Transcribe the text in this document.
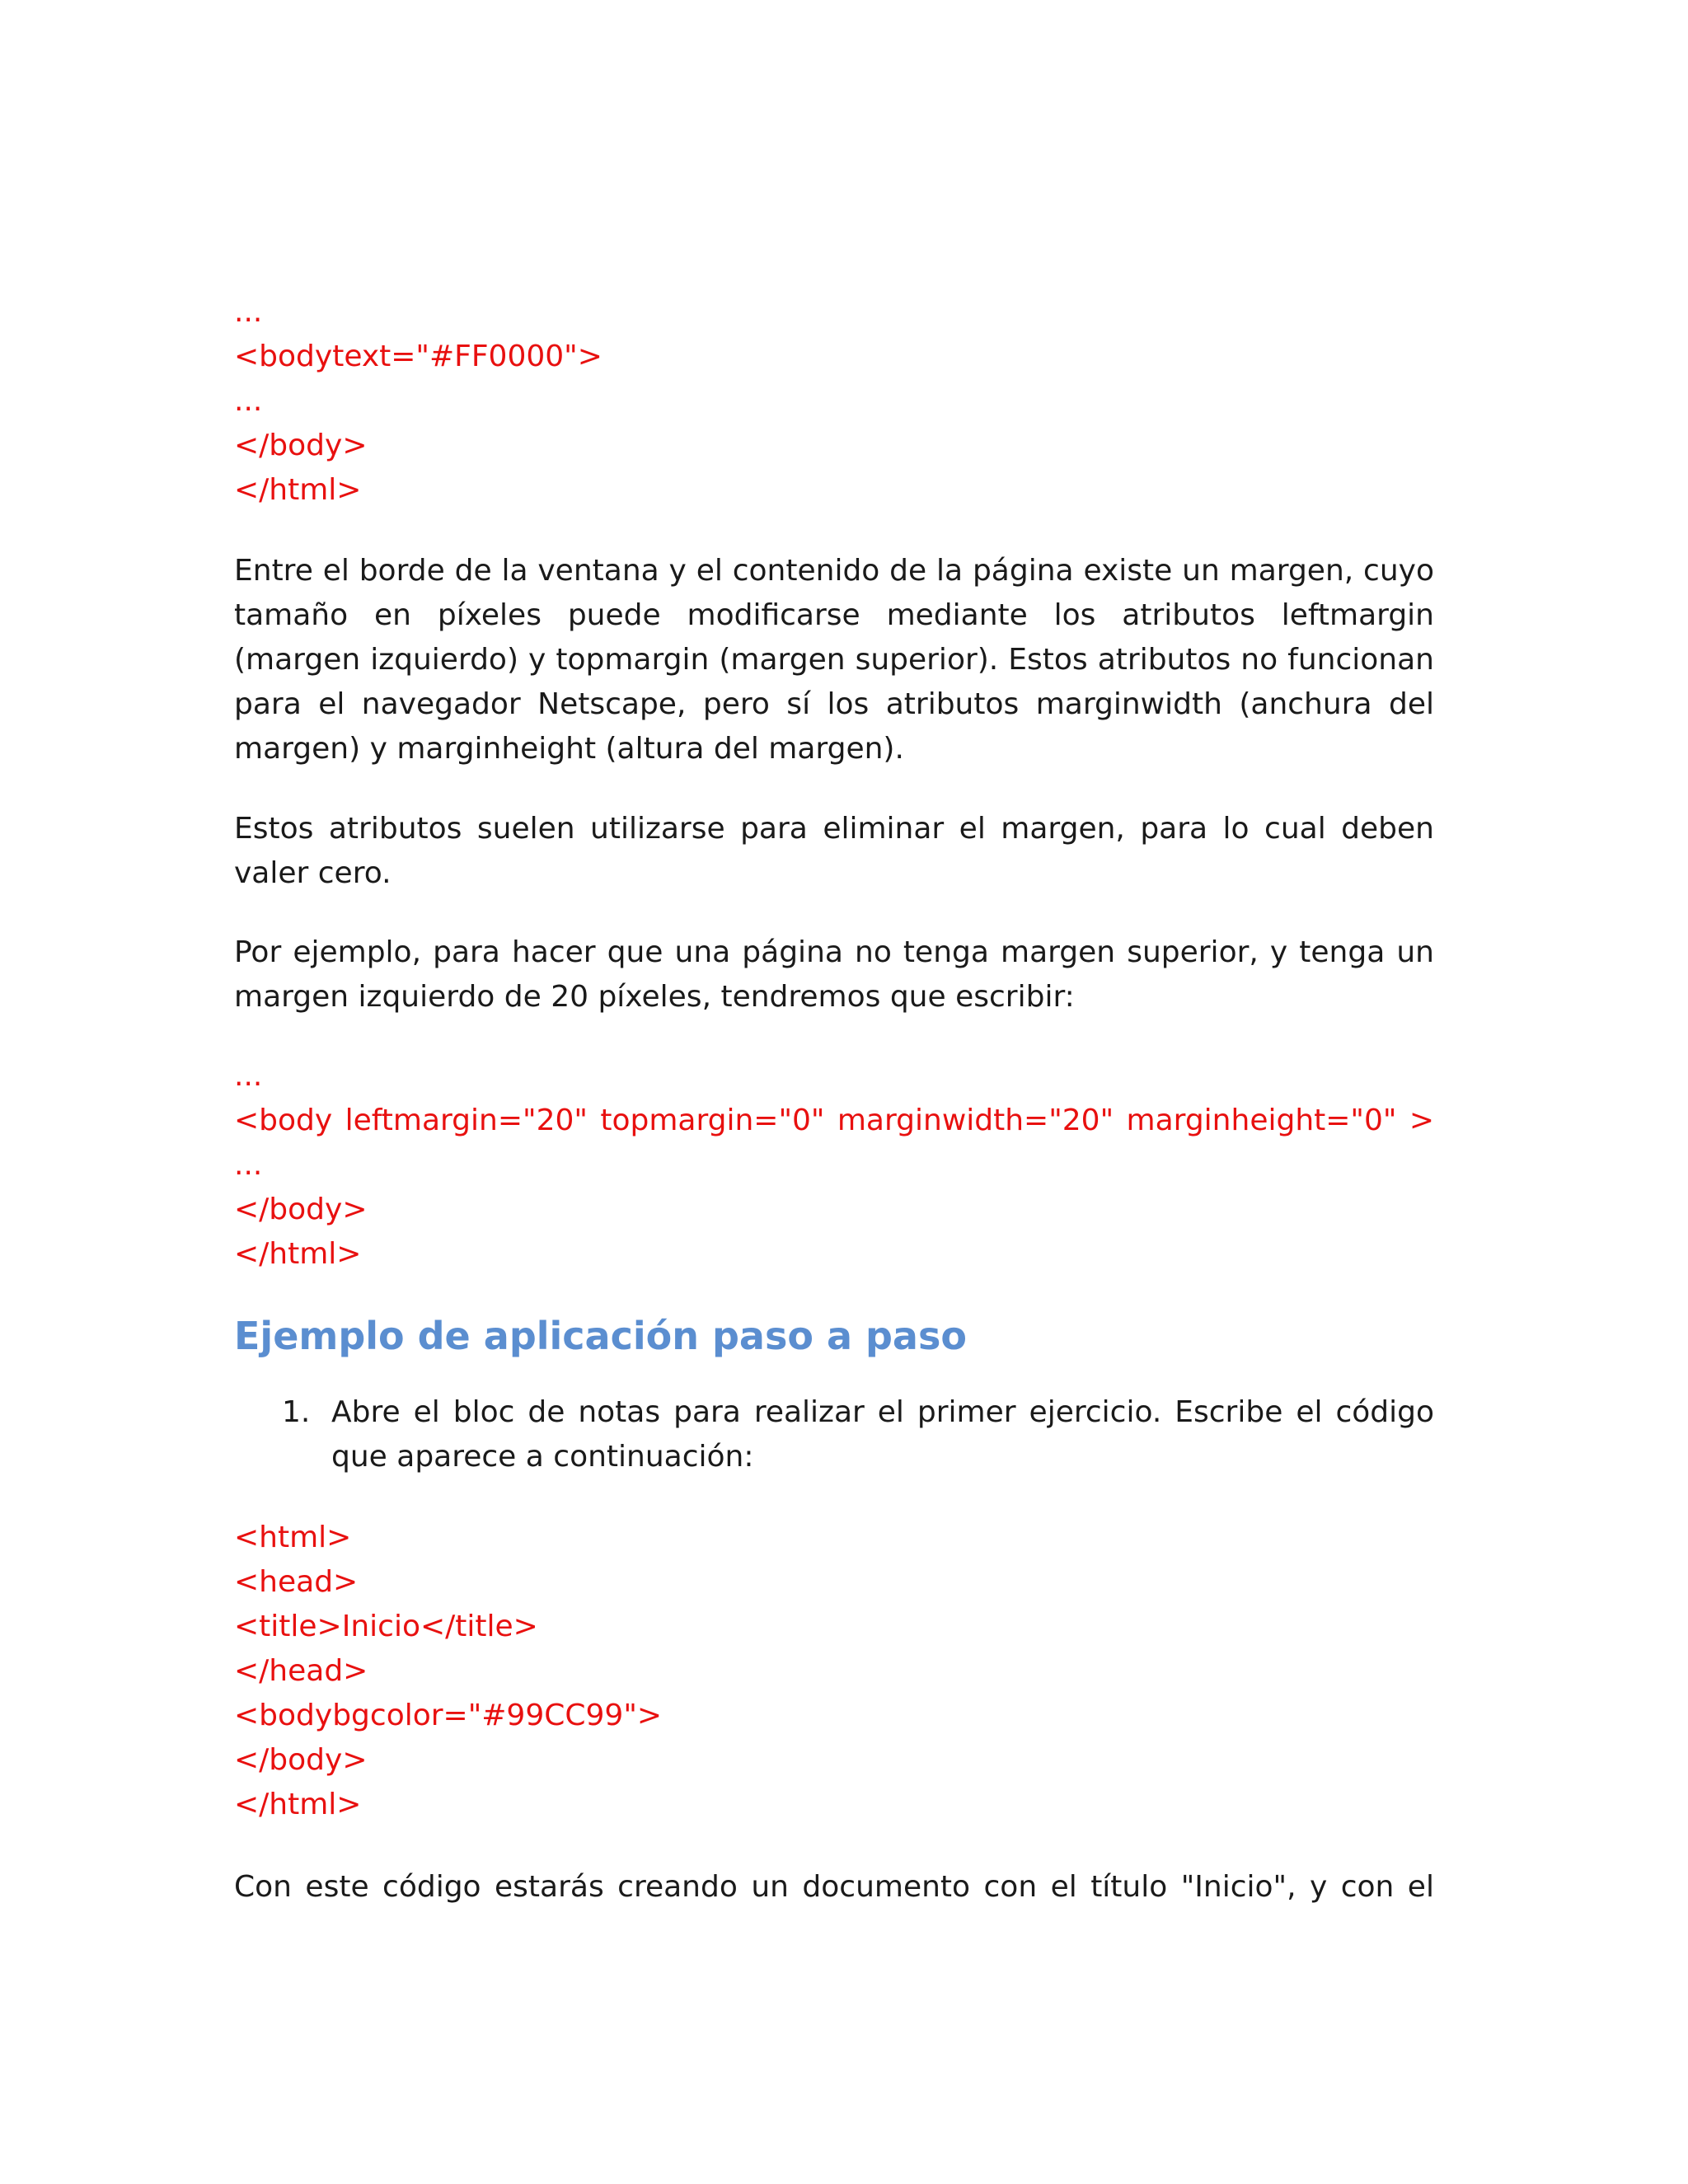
...
<bodytext="#FF0000">
...
</body>
</html>

Entre el borde de la ventana y el contenido de la página existe un margen, cuyo tamaño en píxeles puede modificarse mediante los atributos leftmargin (margen izquierdo) y topmargin (margen superior). Estos atributos no funcionan para el navegador Netscape, pero sí los atributos marginwidth (anchura del margen) y marginheight (altura del margen).

Estos atributos suelen utilizarse para eliminar el margen, para lo cual deben valer cero.

Por ejemplo, para hacer que una página no tenga margen superior, y tenga un margen izquierdo de 20 píxeles, tendremos que escribir:

...
<body leftmargin="20" topmargin="0" marginwidth="20" marginheight="0" >
...
</body>
</html>
Ejemplo de aplicación paso a paso
1. Abre el bloc de notas para realizar el primer ejercicio. Escribe el código que aparece a continuación:
<html>
<head>
<title>Inicio</title>
</head>
<bodybgcolor="#99CC99">
</body>
</html>
Con este código estarás creando un documento con el título "Inicio", y con el
